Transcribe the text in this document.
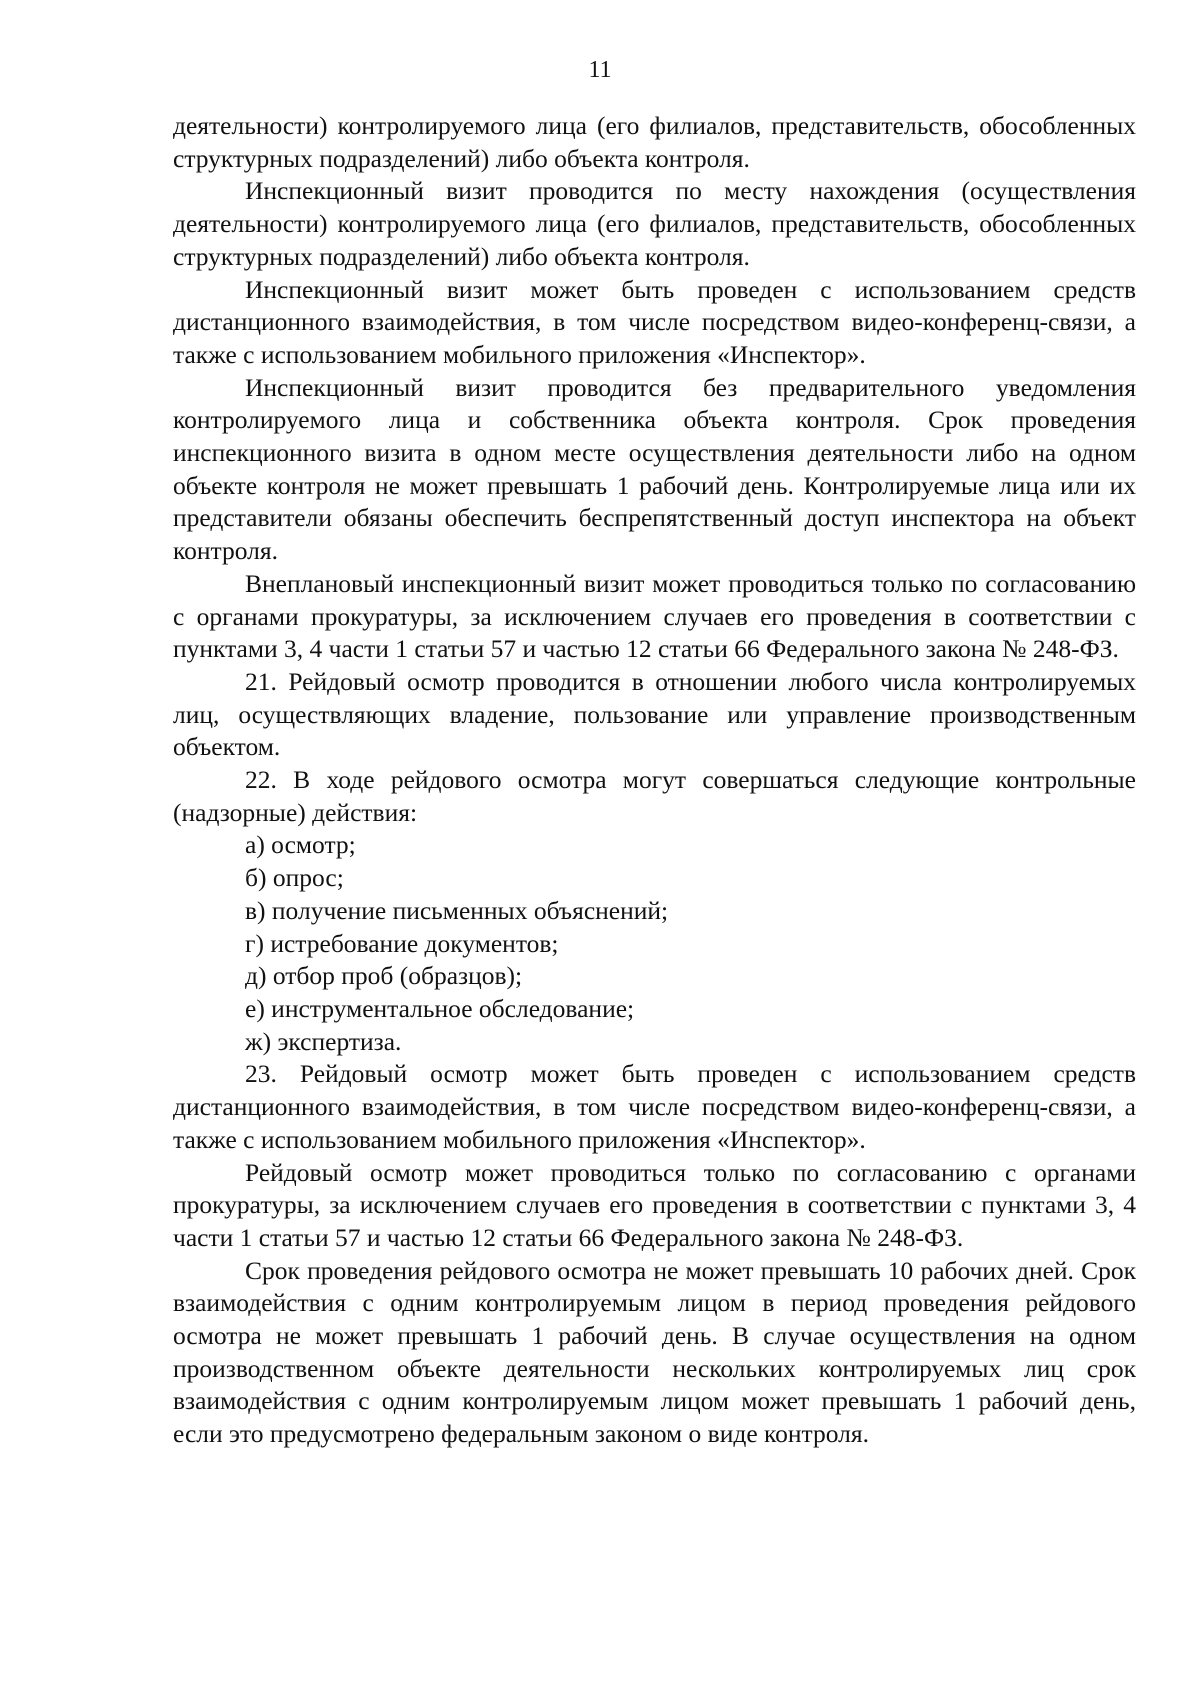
11

деятельности) контролируемого лица (его филиалов, представительств, обособленных структурных подразделений) либо объекта контроля.

Инспекционный визит проводится по месту нахождения (осуществления деятельности) контролируемого лица (его филиалов, представительств, обособленных структурных подразделений) либо объекта контроля.

Инспекционный визит может быть проведен с использованием средств дистанционного взаимодействия, в том числе посредством видео-конференц-связи, а также с использованием мобильного приложения «Инспектор».

Инспекционный визит проводится без предварительного уведомления контролируемого лица и собственника объекта контроля. Срок проведения инспекционного визита в одном месте осуществления деятельности либо на одном объекте контроля не может превышать 1 рабочий день. Контролируемые лица или их представители обязаны обеспечить беспрепятственный доступ инспектора на объект контроля.

Внеплановый инспекционный визит может проводиться только по согласованию с органами прокуратуры, за исключением случаев его проведения в соответствии с пунктами 3, 4 части 1 статьи 57 и частью 12 статьи 66 Федерального закона № 248-ФЗ.

21. Рейдовый осмотр проводится в отношении любого числа контролируемых лиц, осуществляющих владение, пользование или управление производственным объектом.

22. В ходе рейдового осмотра могут совершаться следующие контрольные (надзорные) действия:

а) осмотр;

б) опрос;

в) получение письменных объяснений;

г) истребование документов;

д) отбор проб (образцов);

е) инструментальное обследование;

ж) экспертиза.

23. Рейдовый осмотр может быть проведен с использованием средств дистанционного взаимодействия, в том числе посредством видео-конференц-связи, а также с использованием мобильного приложения «Инспектор».

Рейдовый осмотр может проводиться только по согласованию с органами прокуратуры, за исключением случаев его проведения в соответствии с пунктами 3, 4 части 1 статьи 57 и частью 12 статьи 66 Федерального закона № 248-ФЗ.

Срок проведения рейдового осмотра не может превышать 10 рабочих дней. Срок взаимодействия с одним контролируемым лицом в период проведения рейдового осмотра не может превышать 1 рабочий день. В случае осуществления на одном производственном объекте деятельности нескольких контролируемых лиц срок взаимодействия с одним контролируемым лицом может превышать 1 рабочий день, если это предусмотрено федеральным законом о виде контроля.
